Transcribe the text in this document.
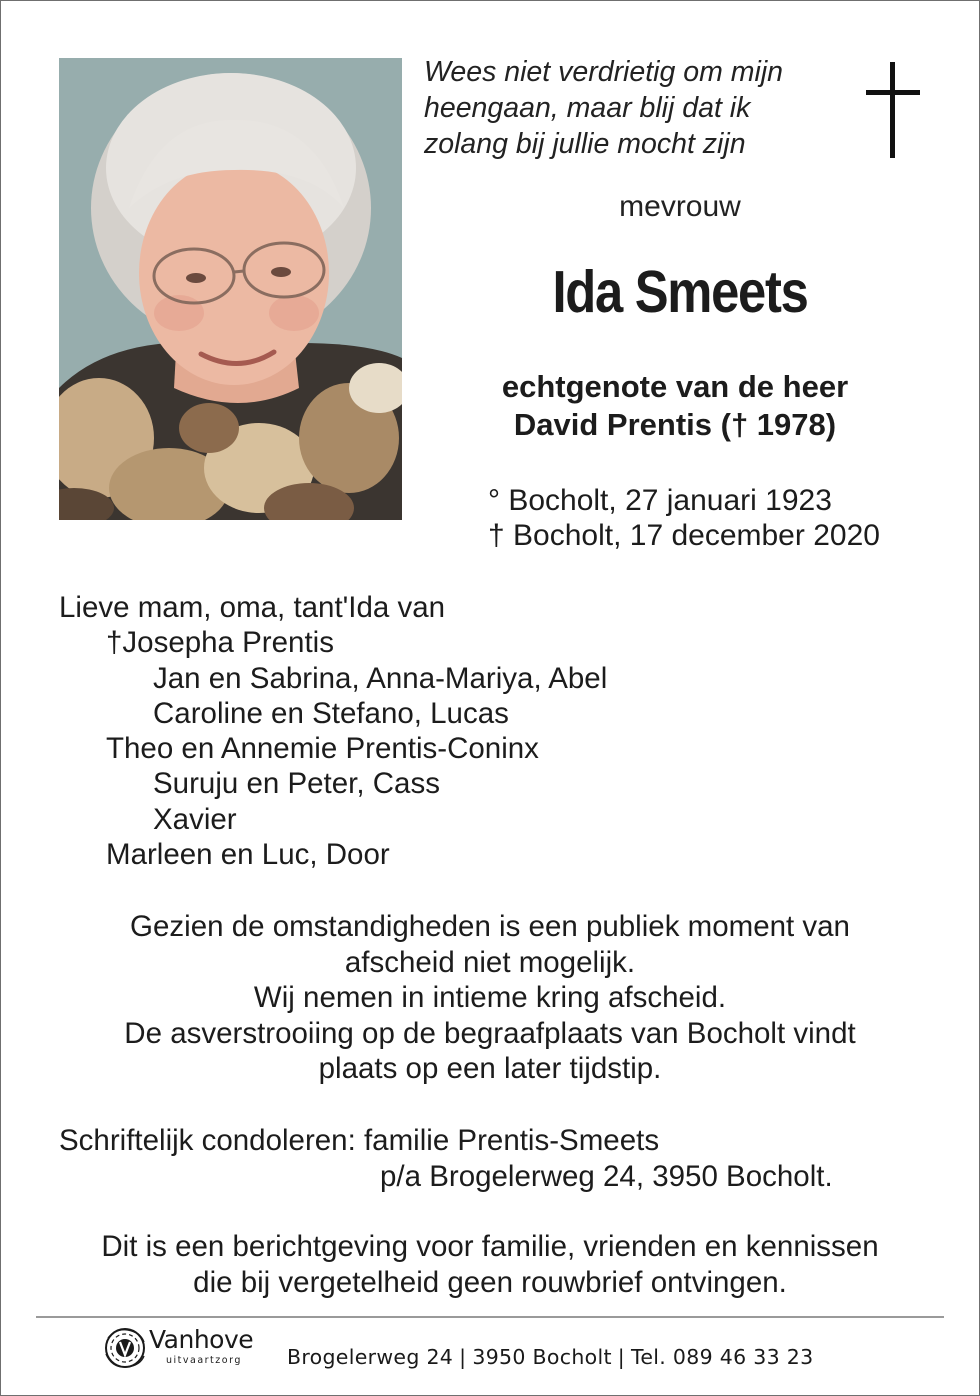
Wees niet verdrietig om mijn
heengaan, maar blij dat ik
zolang bij jullie mocht zijn
mevrouw
Ida Smeets
echtgenote van de heer
David Prentis († 1978)
° Bocholt, 27 januari 1923
† Bocholt, 17 december 2020
Lieve mam, oma, tant'Ida van
†Josepha Prentis
Jan en Sabrina, Anna-Mariya, Abel
Caroline en Stefano, Lucas
Theo en Annemie Prentis-Coninx
Suruju en Peter, Cass
Xavier
Marleen en Luc, Door
Gezien de omstandigheden is een publiek moment van
afscheid niet mogelijk.
Wij nemen in intieme kring afscheid.
De asverstrooiing op de begraafplaats van Bocholt vindt
plaats op een later tijdstip.
Schriftelijk condoleren: familie Prentis-Smeets
p/a Brogelerweg 24, 3950 Bocholt.
Dit is een berichtgeving voor familie, vrienden en kennissen
die bij vergetelheid geen rouwbrief ontvingen.
Vanhove
uitvaartzorg Brogelerweg 24 | 3950 Bocholt | Tel. 089 46 33 23
